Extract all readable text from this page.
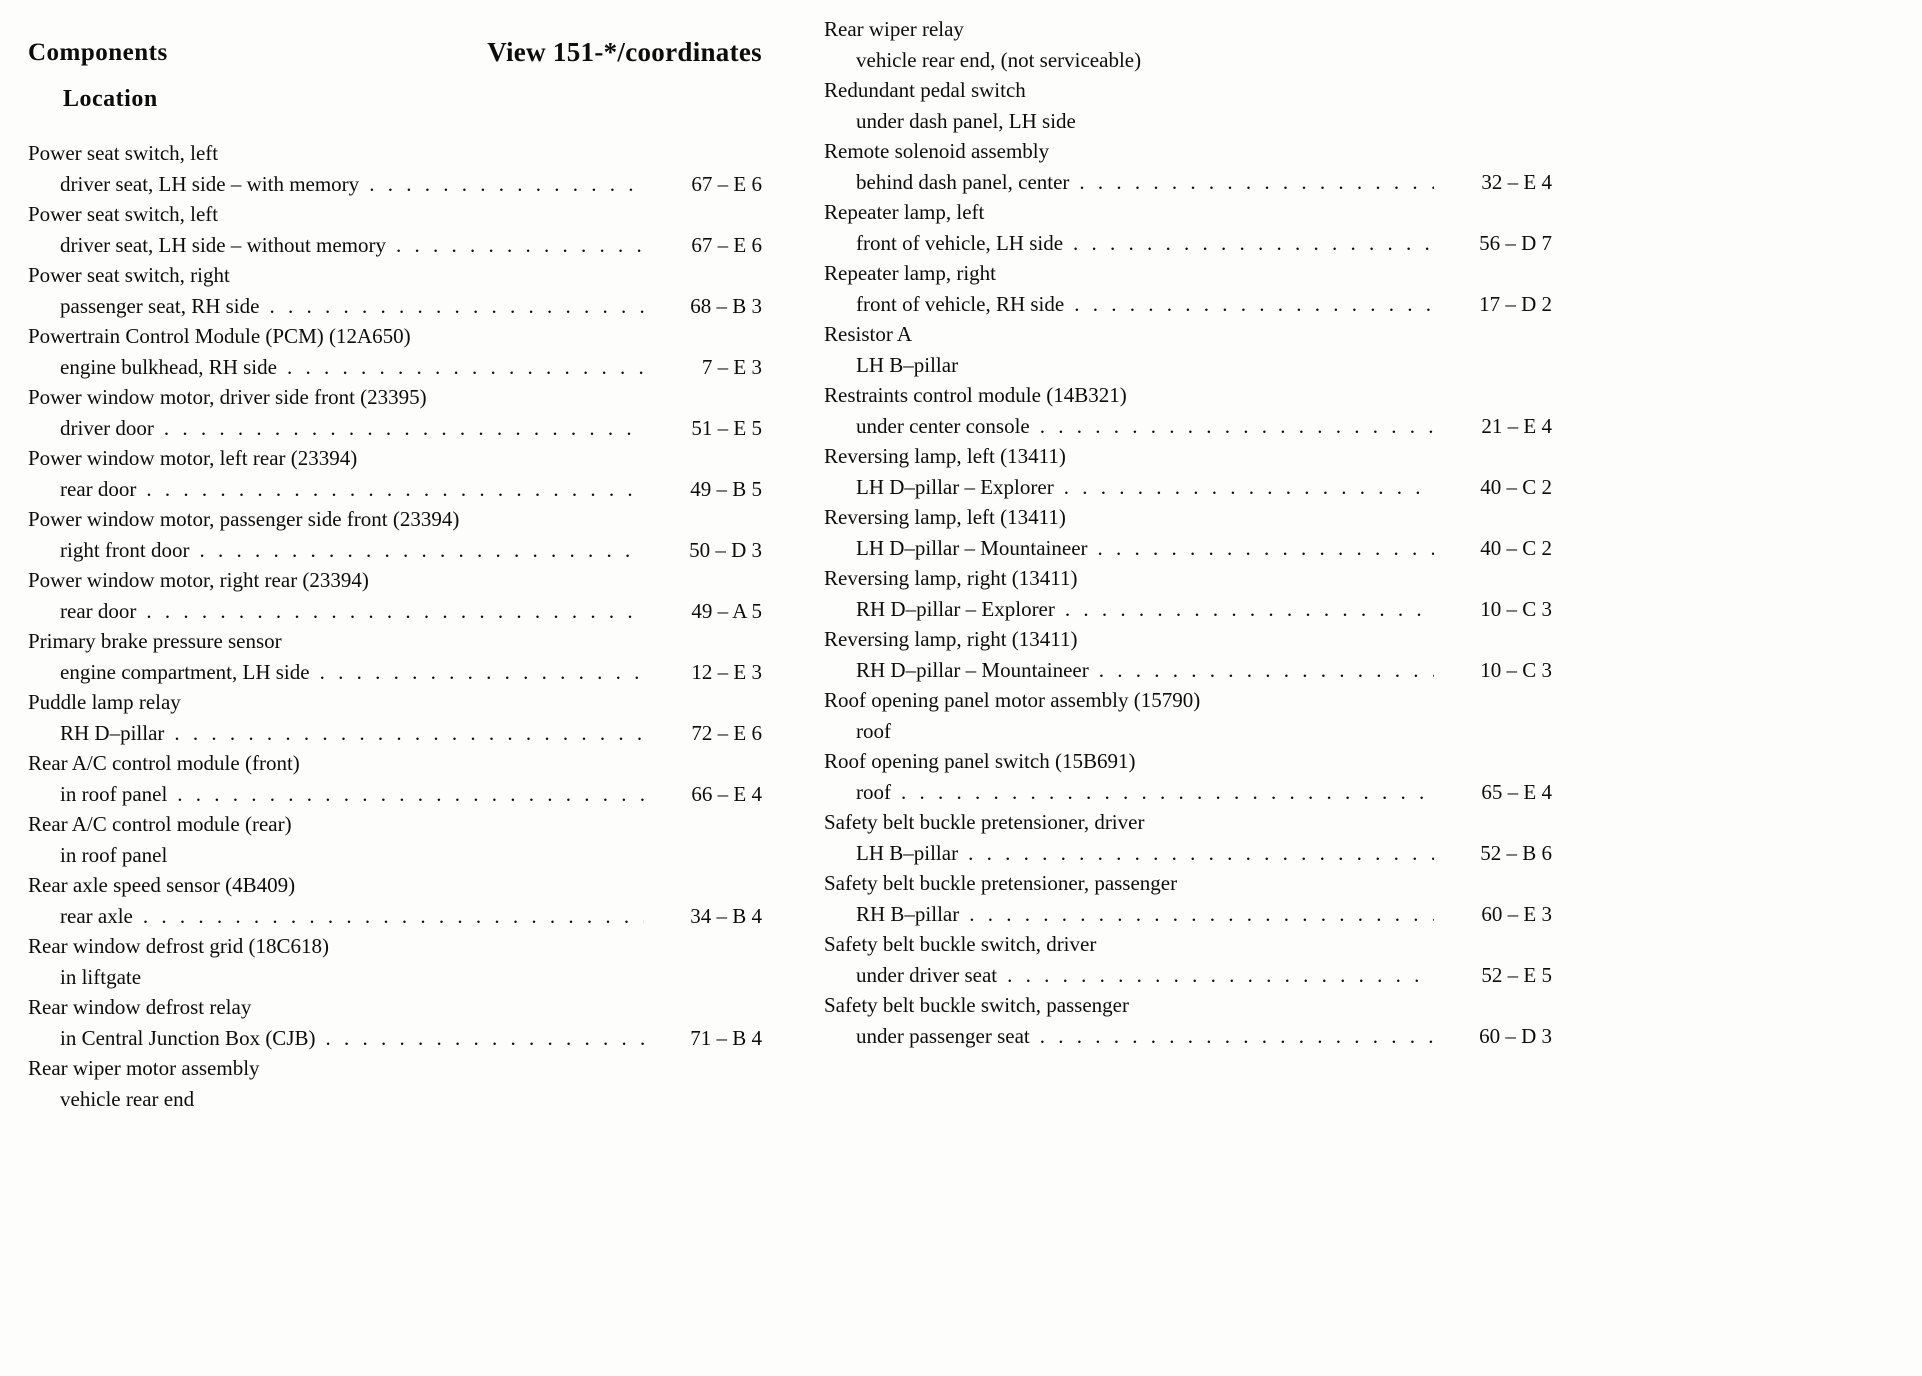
Components
Location
View 151-*/coordinates
Power seat switch, left
driver seat, LH side – with memory . . .	67 – E 6
Power seat switch, left
driver seat, LH side – without memory . . .	67 – E 6
Power seat switch, right
passenger seat, RH side . . .	68 – B 3
Powertrain Control Module (PCM) (12A650)
engine bulkhead, RH side . . .	7 – E 3
Power window motor, driver side front (23395)
driver door . . .	51 – E 5
Power window motor, left rear (23394)
rear door . . .	49 – B 5
Power window motor, passenger side front (23394)
right front door . . .	50 – D 3
Power window motor, right rear (23394)
rear door . . .	49 – A 5
Primary brake pressure sensor
engine compartment, LH side . . .	12 – E 3
Puddle lamp relay
RH D–pillar . . .	72 – E 6
Rear A/C control module (front)
in roof panel . . .	66 – E 4
Rear A/C control module (rear)
in roof panel
Rear axle speed sensor (4B409)
rear axle . . .	34 – B 4
Rear window defrost grid (18C618)
in liftgate
Rear window defrost relay
in Central Junction Box (CJB) . . .	71 – B 4
Rear wiper motor assembly
vehicle rear end
Rear wiper relay
vehicle rear end, (not serviceable)
Redundant pedal switch
under dash panel, LH side
Remote solenoid assembly
behind dash panel, center . . .	32 – E 4
Repeater lamp, left
front of vehicle, LH side . . .	56 – D 7
Repeater lamp, right
front of vehicle, RH side . . .	17 – D 2
Resistor A
LH B–pillar
Restraints control module (14B321)
under center console . . .	21 – E 4
Reversing lamp, left (13411)
LH D–pillar – Explorer . . .	40 – C 2
Reversing lamp, left (13411)
LH D–pillar – Mountaineer . . .	40 – C 2
Reversing lamp, right (13411)
RH D–pillar – Explorer . . .	10 – C 3
Reversing lamp, right (13411)
RH D–pillar – Mountaineer . . .	10 – C 3
Roof opening panel motor assembly (15790)
roof
Roof opening panel switch (15B691)
roof . . .	65 – E 4
Safety belt buckle pretensioner, driver
LH B–pillar . . .	52 – B 6
Safety belt buckle pretensioner, passenger
RH B–pillar . . .	60 – E 3
Safety belt buckle switch, driver
under driver seat . . .	52 – E 5
Safety belt buckle switch, passenger
under passenger seat . . .	60 – D 3
